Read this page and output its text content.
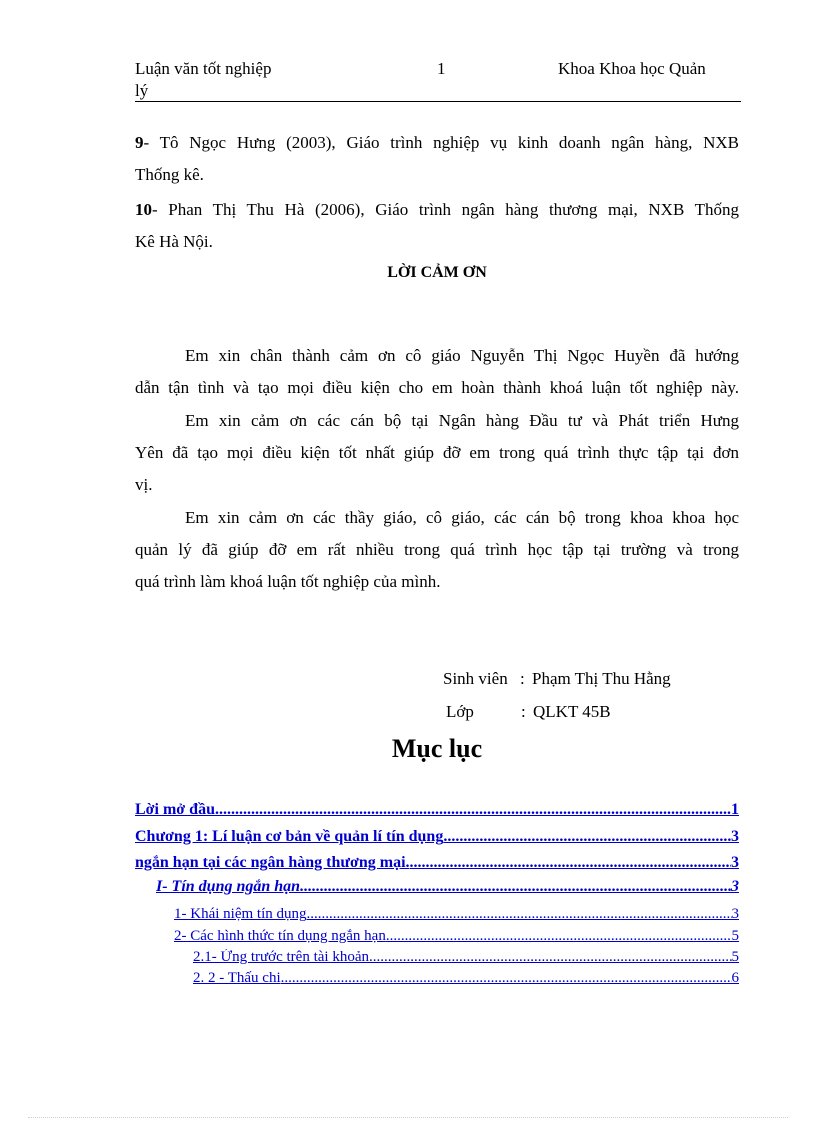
Luận văn tốt nghiệp
lý
1	Khoa Khoa học Quản
9- Tô Ngọc Hưng (2003), Giáo trình nghiệp vụ kinh doanh ngân hàng, NXB
Thống kê.
10- Phan Thị Thu Hà (2006), Giáo trình ngân hàng thương mại, NXB Thống
Kê Hà Nội.
LỜI CẢM ƠN
Em xin chân thành cảm ơn cô giáo Nguyễn Thị Ngọc Huyền đã hướng
dẫn tận tình và tạo mọi điều kiện cho em hoàn thành khoá luận tốt nghiệp này.
Em xin cảm ơn các cán bộ tại Ngân hàng Đầu tư và Phát triển Hưng
Yên đã tạo mọi điều kiện tốt nhất giúp đỡ em trong quá trình thực tập tại đơn
vị.
Em xin cảm ơn các thầy giáo, cô giáo, các cán bộ trong khoa khoa học
quản lý đã giúp đỡ em rất nhiều trong quá trình học tập tại trường và trong
quá trình làm khoá luận tốt nghiệp của mình.
Sinh viên : Phạm Thị Thu Hằng
Lớp	: QLKT 45B
Mục lục
Lời mở đầu .....	1
Chương 1: Lí luận cơ bản về quản lí tín dụng .....	3
ngắn hạn tại các ngân hàng thương mại. .....	3
I- Tín dụng ngắn hạn .....	3
1- Khái niệm tín dụng .....	3
2- Các hình thức tín dụng ngắn hạn .....	5
2.1- Ứng trước trên tài khoản .....	5
2. 2 - Thấu chi .....	6
